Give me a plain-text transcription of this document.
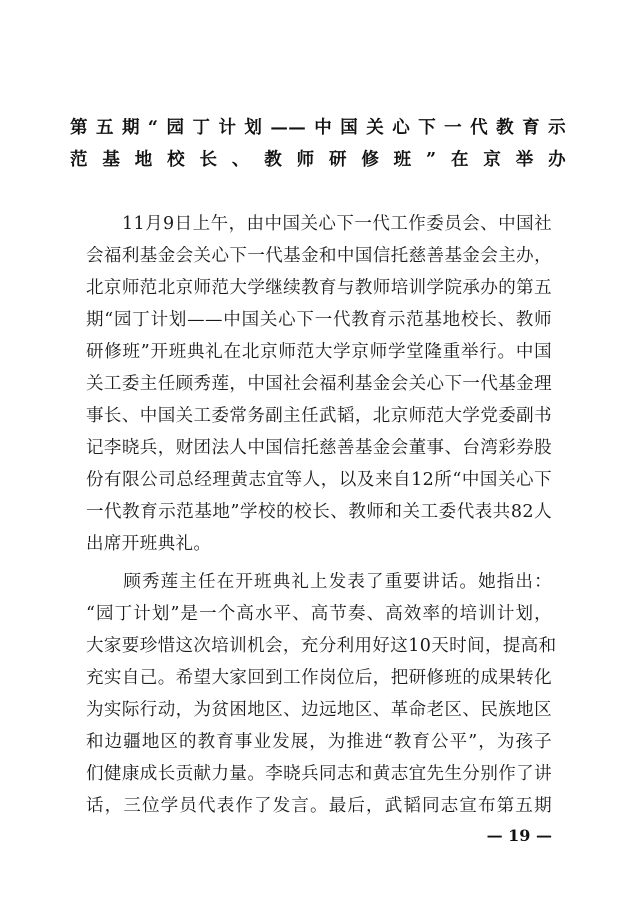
第五期“园丁计划——中国关心下一代教育示
范基地校长、教师研修班”在京举办
　　11月9日上午，由中国关心下一代工作委员会、中国社
会福利基金会关心下一代基金和中国信托慈善基金会主办，
北京师范北京师范大学继续教育与教师培训学院承办的第五
期“园丁计划——中国关心下一代教育示范基地校长、教师
研修班”开班典礼在北京师范大学京师学堂隆重举行。中国
关工委主任顾秀莲，中国社会福利基金会关心下一代基金理
事长、中国关工委常务副主任武韬，北京师范大学党委副书
记李晓兵，财团法人中国信托慈善基金会董事、台湾彩券股
份有限公司总经理黄志宜等人，以及来自12所“中国关心下
一代教育示范基地”学校的校长、教师和关工委代表共82人
出席开班典礼。
　　顾秀莲主任在开班典礼上发表了重要讲话。她指出：
“园丁计划”是一个高水平、高节奏、高效率的培训计划，
大家要珍惜这次培训机会，充分利用好这10天时间，提高和
充实自己。希望大家回到工作岗位后，把研修班的成果转化
为实际行动，为贫困地区、边远地区、革命老区、民族地区
和边疆地区的教育事业发展，为推进“教育公平”，为孩子
们健康成长贡献力量。李晓兵同志和黄志宜先生分别作了讲
话，三位学员代表作了发言。最后，武韬同志宣布第五期
— 19 —
